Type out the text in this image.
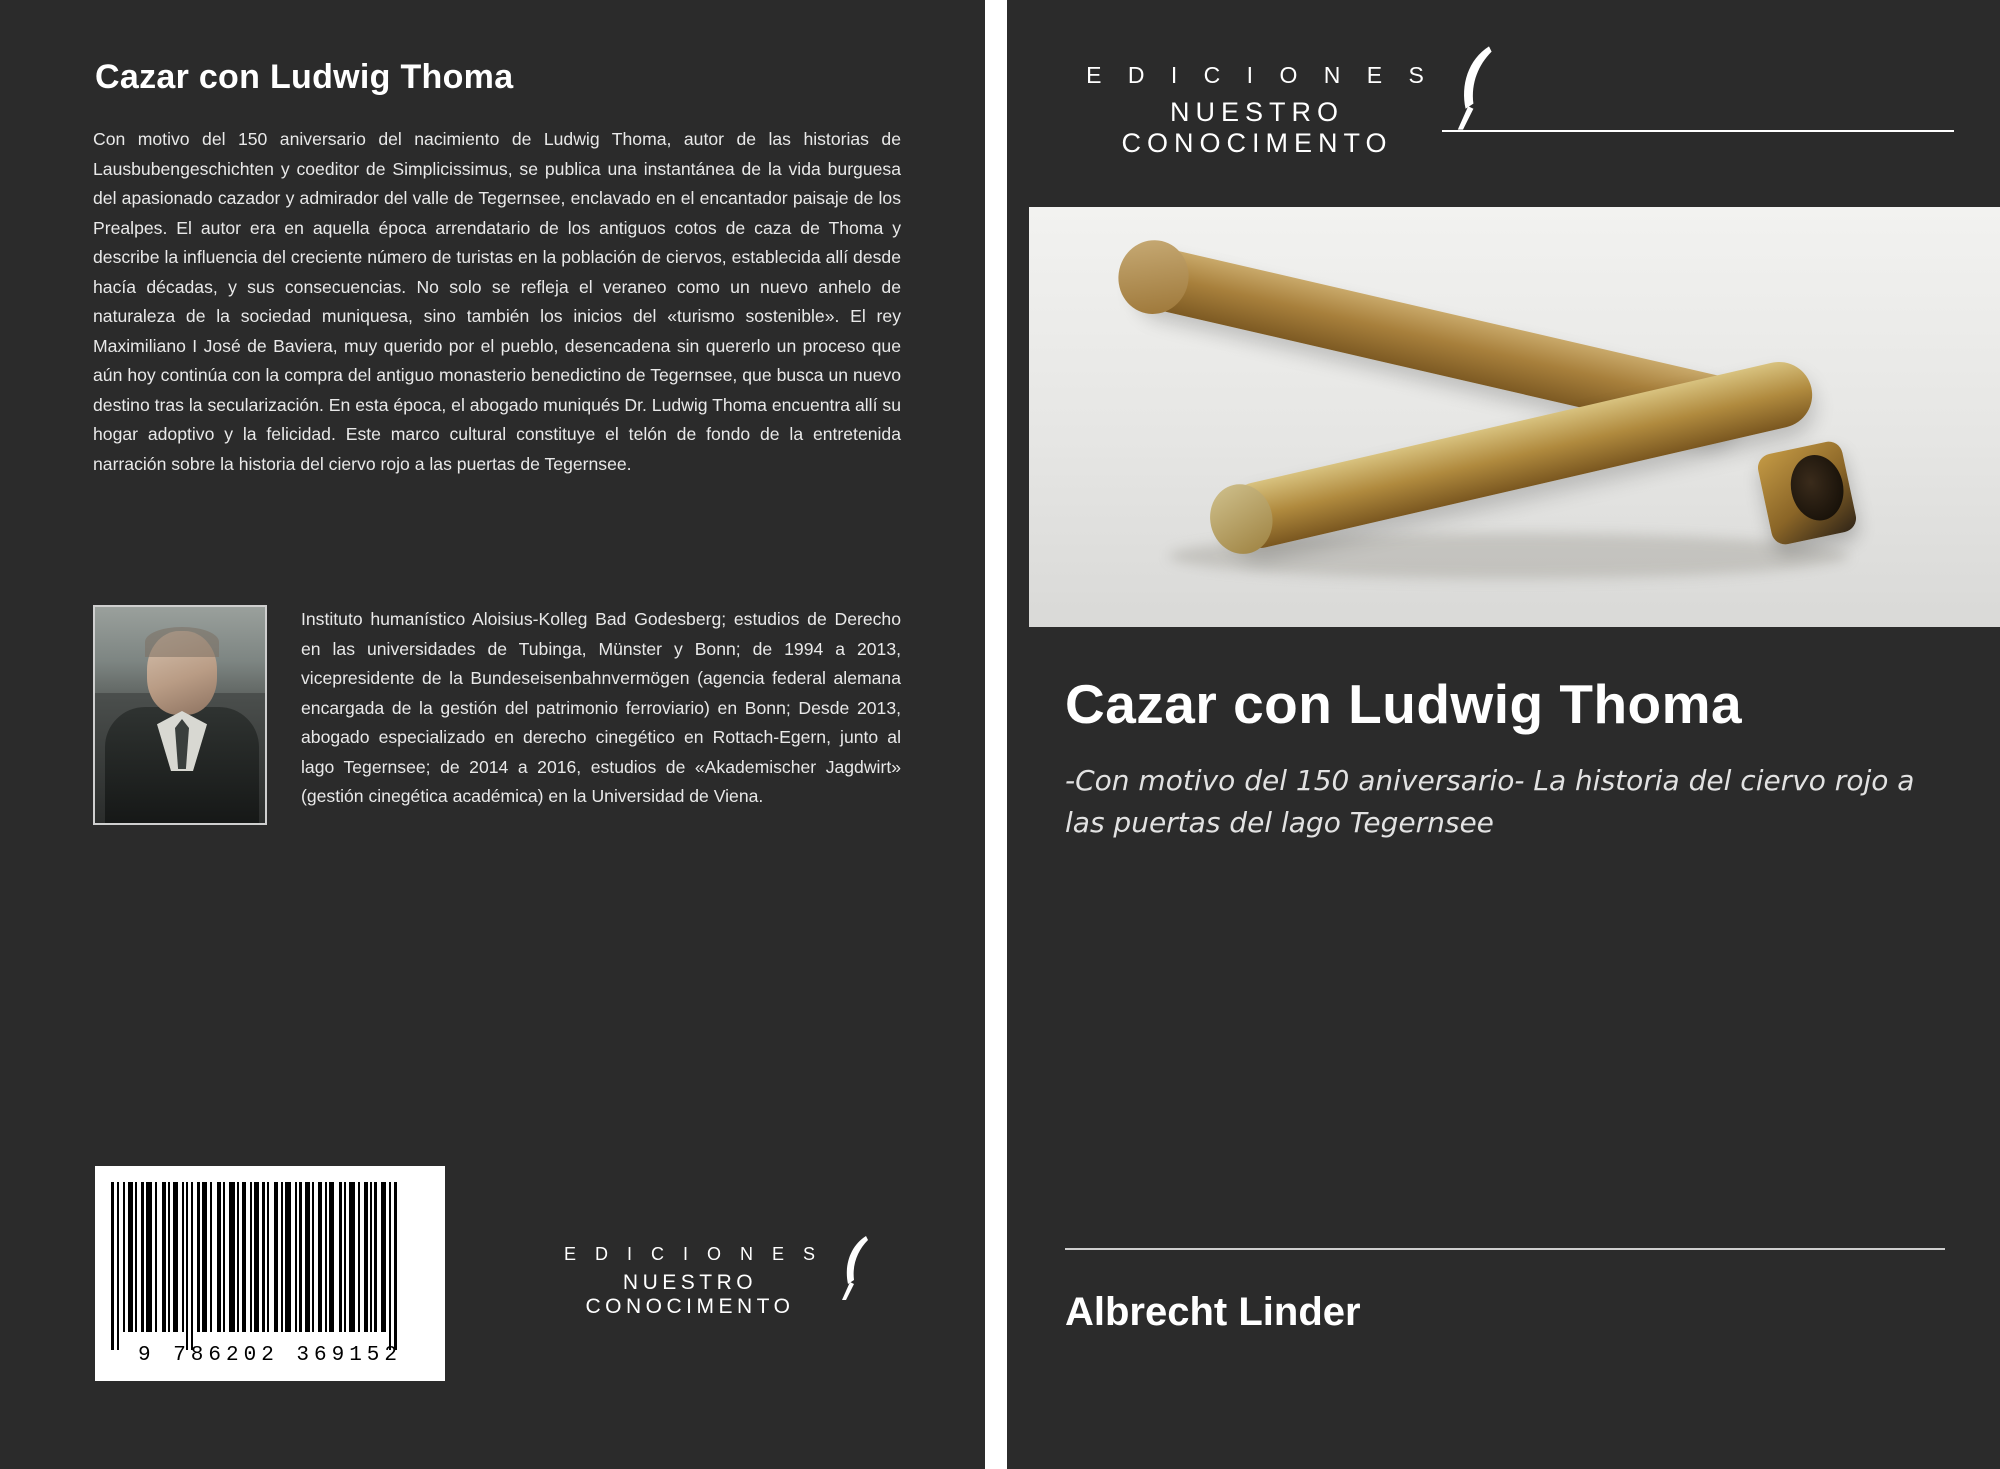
Cazar con Ludwig Thoma
Con motivo del 150 aniversario del nacimiento de Ludwig Thoma, autor de las historias de Lausbubengeschichten y coeditor de Simplicissimus, se publica una instantánea de la vida burguesa del apasionado cazador y admirador del valle de Tegernsee, enclavado en el encantador paisaje de los Prealpes. El autor era en aquella época arrendatario de los antiguos cotos de caza de Thoma y describe la influencia del creciente número de turistas en la población de ciervos, establecida allí desde hacía décadas, y sus consecuencias. No solo se refleja el veraneo como un nuevo anhelo de naturaleza de la sociedad muniquesa, sino también los inicios del «turismo sostenible». El rey Maximiliano I José de Baviera, muy querido por el pueblo, desencadena sin quererlo un proceso que aún hoy continúa con la compra del antiguo monasterio benedictino de Tegernsee, que busca un nuevo destino tras la secularización. En esta época, el abogado muniqués Dr. Ludwig Thoma encuentra allí su hogar adoptivo y la felicidad. Este marco cultural constituye el telón de fondo de la entretenida narración sobre la historia del ciervo rojo a las puertas de Tegernsee.
Instituto humanístico Aloisius-Kolleg Bad Godesberg; estudios de Derecho en las universidades de Tubinga, Münster y Bonn; de 1994 a 2013, vicepresidente de la Bundeseisenbahnvermögen (agencia federal alemana encargada de la gestión del patrimonio ferroviario) en Bonn; Desde 2013, abogado especializado en derecho cinegético en Rottach-Egern, junto al lago Tegernsee; de 2014 a 2016, estudios de «Akademischer Jagdwirt» (gestión cinegética académica) en la Universidad de Viena.
9 786202 369152
E D I C I O N E S
NUESTRO CONOCIMENTO
E D I C I O N E S
NUESTRO CONOCIMENTO
Cazar con Ludwig Thoma
-Con motivo del 150 aniversario- La historia del ciervo rojo a las puertas del lago Tegernsee
Albrecht Linder
